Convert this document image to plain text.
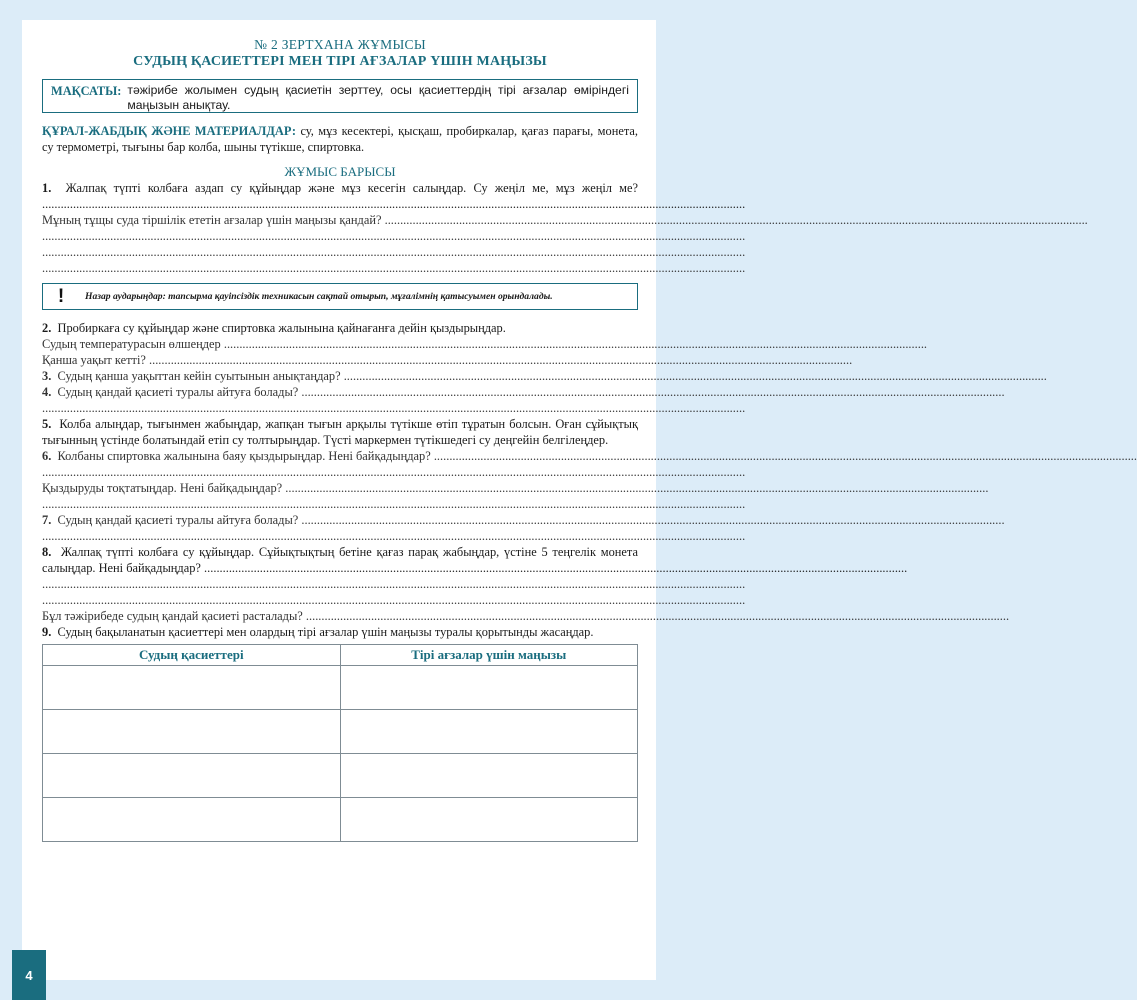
№ 2 ЗЕРТХАНА ЖҰМЫСЫ
СУДЫҢ ҚАСИЕТТЕРІ МЕН ТІРІ АҒЗАЛАР ҮШІН МАҢЫЗЫ
МАҚСАТЫ: тәжірибе жолымен судың қасиетін зерттеу, осы қасиеттердің тірі ағзалар өміріндегі маңызын анықтау.

ҚҰРАЛ-ЖАБДЫҚ ЖӘНЕ МАТЕРИАЛДАР: су, мұз кесектері, қысқаш, пробиркалар, қағаз парағы, монета, су термометрі, тығыны бар колба, шыны түтікше, спиртовка.

ЖҰМЫС БАРЫСЫ

1. Жалпақ түпті колбаға аздап су құйыңдар және мұз кесегін салыңдар. Су жеңіл ме, мұз жеңіл ме? ...................................................................................................................................................................................................................................

Мұның тұщы суда тіршілік ететін ағзалар үшін маңызы қандай? ...................................................................................................................................................................................................................................
...................................................................................................................................................................................................................................
...................................................................................................................................................................................................................................
...................................................................................................................................................................................................................................
!	Назар аударыңдар: тапсырма қауіпсіздік техникасын сақтай отырып, мұғалімнің қатысуымен орындалады.

2. Пробиркаға су құйыңдар және спиртовка жалынына қайнағанға дейін қыздырыңдар.

Судың температурасын өлшеңдер ...................................................................................................................................................................................................................................
Қанша уақыт кетті? ...................................................................................................................................................................................................................................
3. Судың қанша уақыттан кейін суытынын анықтаңдар? ...................................................................................................................................................................................................................................
4. Судың қандай қасиеті туралы айтуға болады? ...................................................................................................................................................................................................................................
...................................................................................................................................................................................................................................

5. Колба алыңдар, тығынмен жабыңдар, жапқан тығын арқылы түтікше өтіп тұратын болсын. Оған сұйықтық тығынның үстінде болатындай етіп су толтырыңдар. Түсті маркермен түтікшедегі су деңгейін белгілеңдер.

6. Колбаны спиртовка жалынына баяу қыздырыңдар. Нені байқадыңдар? ...................................................................................................................................................................................................................................
...................................................................................................................................................................................................................................
Қыздыруды тоқтатыңдар. Нені байқадыңдар? ...................................................................................................................................................................................................................................
...................................................................................................................................................................................................................................
7. Судың қандай қасиеті туралы айтуға болады? ...................................................................................................................................................................................................................................
...................................................................................................................................................................................................................................

8. Жалпақ түпті колбаға су құйыңдар. Сұйықтықтың бетіне қағаз парақ жабыңдар, үстіне 5 теңгелік монета салыңдар. Нені байқадыңдар? ...................................................................................................................................................................................................................................

...................................................................................................................................................................................................................................
...................................................................................................................................................................................................................................
Бұл тәжірибеде судың қандай қасиеті расталады? ...................................................................................................................................................................................................................................

9. Судың бақыланатын қасиеттері мен олардың тірі ағзалар үшін маңызы туралы қорытынды жасаңдар.

Судың қасиеттері	Тірі ағзалар үшін маңызы

4
